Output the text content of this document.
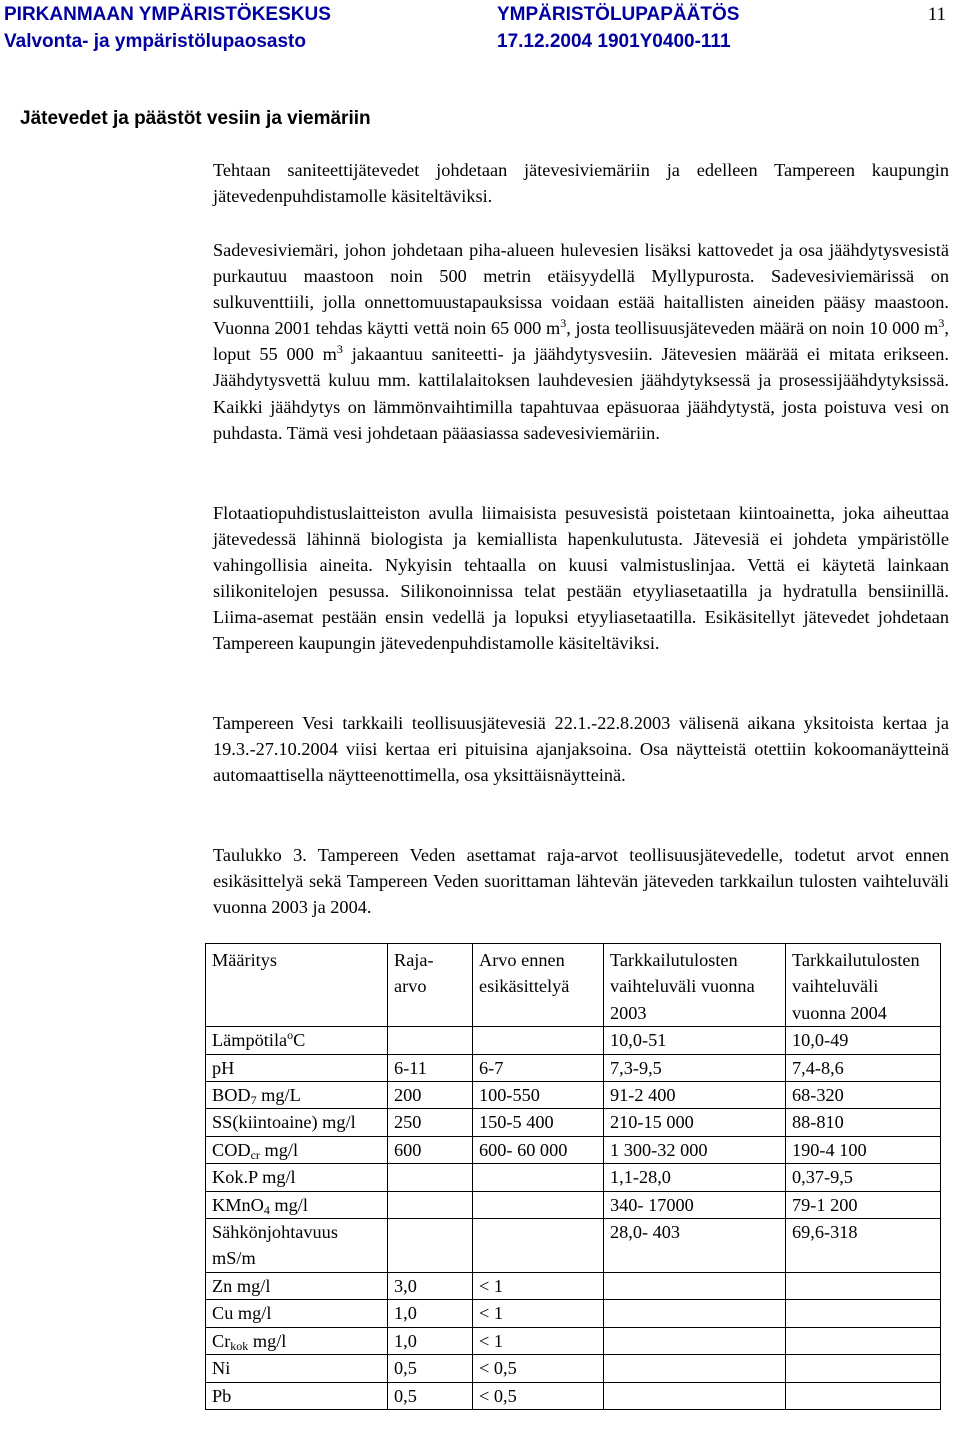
PIRKANMAAN YMPÄRISTÖKESKUS
Valvonta- ja ympäristölupaosasto
YMPÄRISTÖLUPAPÄÄTÖS
17.12.2004 1901Y0400-111
11
Jätevedet ja päästöt vesiin ja viemäriin

Tehtaan saniteettijätevedet johdetaan jätevesiviemäriin ja edelleen Tampereen kaupungin jätevedenpuhdistamolle käsiteltäviksi.

Sadevesiviemäri, johon johdetaan piha-alueen hulevesien lisäksi kattovedet ja osa jäähdytysvesistä purkautuu maastoon noin 500 metrin etäisyydellä Myllypurosta. Sadevesiviemärissä on sulkuventtiili, jolla onnettomuustapauksissa voidaan estää haitallisten aineiden pääsy maastoon. Vuonna 2001 tehdas käytti vettä noin 65 000 $m^3$, josta teollisuusjäteveden määrä on noin 10 000 $m^3$, loput 55 000 $m^3$ jakaantuu saniteetti- ja jäähdytysvesiin. Jätevesien määrää ei mitata erikseen. Jäähdytysvettä kuluu mm. kattilalaitoksen lauhdevesien jäähdytyksessä ja prosessijäähdytyksissä. Kaikki jäähdytys on lämmönvaihtimilla tapahtuvaa epäsuoraa jäähdytystä, josta poistuva vesi on puhdasta. Tämä vesi johdetaan pääasiassa sadevesiviemäriin.

Flotaatiopuhdistuslaitteiston avulla liimaisista pesuvesistä poistetaan kiintoainetta, joka aiheuttaa jätevedessä lähinnä biologista ja kemiallista hapenkulutusta. Jätevesiä ei johdeta ympäristölle vahingollisia aineita. Nykyisin tehtaalla on kuusi valmistuslinjaa. Vettä ei käytetä lainkaan silikonitelojen pesussa. Silikonoinnissa telat pestään etyyliasetaatilla ja hydratulla bensiinillä. Liima-asemat pestään ensin vedellä ja lopuksi etyyliasetaatilla. Esikäsitellyt jätevedet johdetaan Tampereen kaupungin jätevedenpuhdistamolle käsiteltäviksi.

Tampereen Vesi tarkkaili teollisuusjätevesiä 22.1.-22.8.2003 välisenä aikana yksitoista kertaa ja 19.3.-27.10.2004 viisi kertaa eri pituisina ajanjaksoina. Osa näytteistä otettiin kokoomanäytteinä automaattisella näytteenottimella, osa yksittäisnäytteinä.

Taulukko 3. Tampereen Veden asettamat raja-arvot teollisuusjätevedelle, todetut arvot ennen esikäsittelyä sekä Tampereen Veden suorittaman lähtevän jäteveden tarkkailun tulosten vaihteluväli vuonna 2003 ja 2004.

Määritys	Raja-arvo	Arvo ennen esikäsittelyä	Tarkkailutulosten vaihteluväli vuonna 2003	Tarkkailutulosten vaihteluväli vuonna 2004
Lämpötila$^o$C			10,0-51	10,0-49
pH	6-11	6-7	7,3-9,5	7,4-8,6
$BOD_7$ mg/L	200	100-550	91-2 400	68-320
SS(kiintoaine) mg/l	250	150-5 400	210-15 000	88-810
$COD_{cr}$ mg/l	600	600- 60 000	1 300-32 000	190-4 100
Kok.P mg/l			1,1-28,0	0,37-9,5
KMnO$_4$ mg/l			340- 17000	79-1 200
Sähkönjohtavuus mS/m			28,0- 403	69,6-318
Zn mg/l	3,0	< 1		
Cu mg/l	1,0	< 1		
$Cr_{kok}$ mg/l	1,0	< 1		
Ni	0,5	< 0,5		
Pb	0,5	< 0,5		
